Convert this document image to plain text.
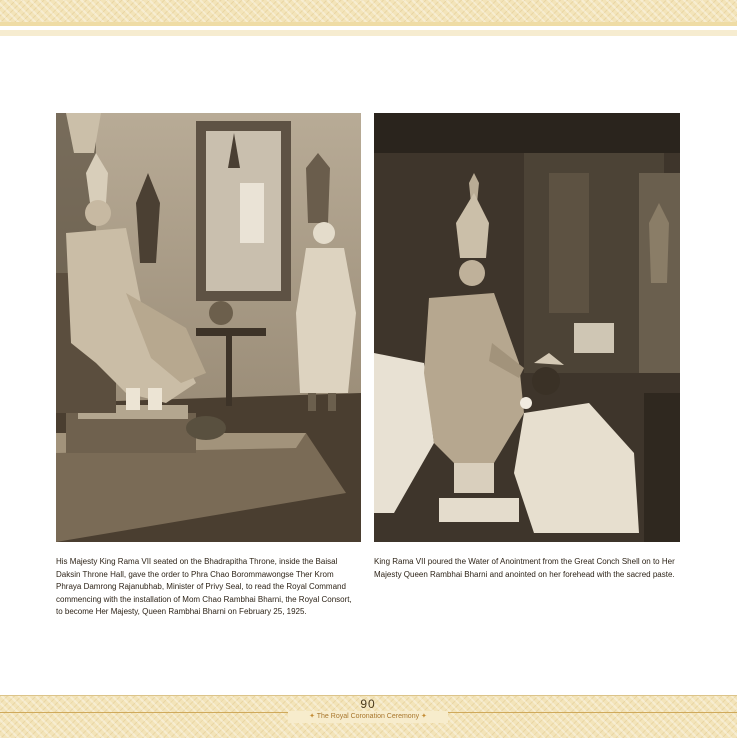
His Majesty King Rama VII seated on the Bhadrapitha Throne, inside the Baisal Daksin Throne Hall, gave the order to Phra Chao Borommawongse Ther Krom Phraya Damrong Rajanubhab, Minister of Privy Seal, to read the Royal Command commencing with the installation of Mom Chao Rambhai Bharni, the Royal Consort, to become Her Majesty, Queen Rambhai Bharni on February 25, 1925.
King Rama VII poured the Water of Anointment from the Great Conch Shell on to Her Majesty Queen Rambhai Bharni and anointed on her forehead with the sacred paste.
90
✦ The Royal Coronation Ceremony ✦
